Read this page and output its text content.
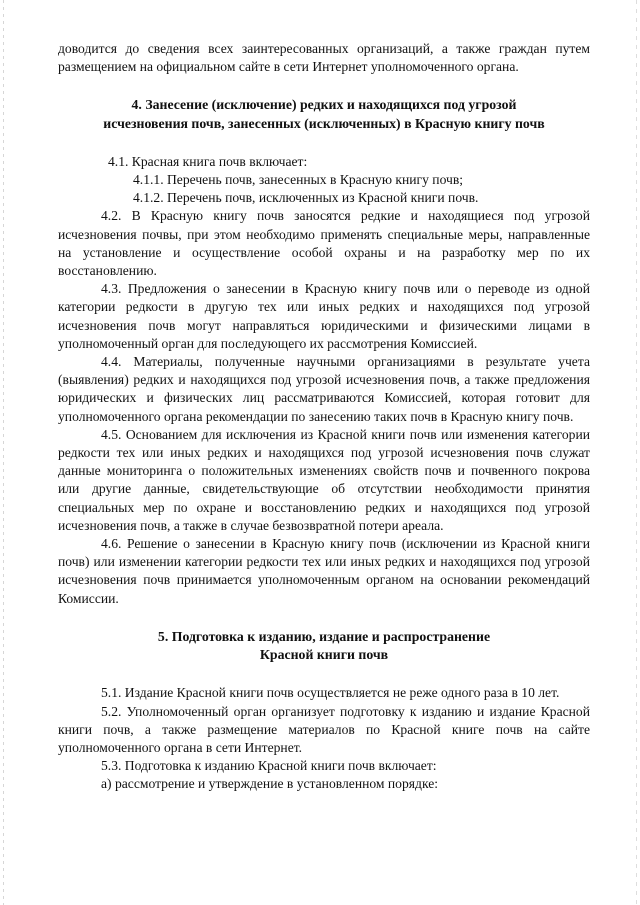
доводится до сведения всех заинтересованных организаций, а также граждан путем размещением на официальном сайте в сети Интернет уполномоченного органа.

4. Занесение (исключение) редких и находящихся под угрозой

исчезновения почв, занесенных (исключенных) в Красную книгу почв

4.1. Красная книга почв включает:

4.1.1. Перечень почв, занесенных в Красную книгу почв;

4.1.2. Перечень почв, исключенных из Красной книги почв.

4.2. В Красную книгу почв заносятся редкие и находящиеся под угрозой исчезновения почвы, при этом необходимо применять специальные меры, направленные на установление и осуществление особой охраны и на разработку мер по их восстановлению.

4.3. Предложения о занесении в Красную книгу почв или о переводе из одной категории редкости в другую тех или иных редких и находящихся под угрозой исчезновения почв могут направляться юридическими и физическими лицами в уполномоченный орган для последующего их рассмотрения Комиссией.

4.4. Материалы, полученные научными организациями в результате учета (выявления) редких и находящихся под угрозой исчезновения почв, а также предложения юридических и физических лиц рассматриваются Комиссией, которая готовит для уполномоченного органа рекомендации по занесению таких почв в Красную книгу почв.

4.5. Основанием для исключения из Красной книги почв или изменения категории редкости тех или иных редких и находящихся под угрозой исчезновения почв служат данные мониторинга о положительных изменениях свойств почв и почвенного покрова или другие данные, свидетельствующие об отсутствии необходимости принятия специальных мер по охране и восстановлению редких и находящихся под угрозой исчезновения почв, а также в случае безвозвратной потери ареала.

4.6. Решение о занесении в Красную книгу почв (исключении из Красной книги почв) или изменении категории редкости тех или иных редких и находящихся под угрозой исчезновения почв принимается уполномоченным органом на основании рекомендаций Комиссии.

5. Подготовка к изданию, издание и распространение

Красной книги почв

5.1. Издание Красной книги почв осуществляется не реже одного раза в 10 лет.

5.2. Уполномоченный орган организует подготовку к изданию и издание Красной книги почв, а также размещение материалов по Красной книге почв на сайте уполномоченного органа в сети Интернет.

5.3. Подготовка к изданию Красной книги почв включает:

а) рассмотрение и утверждение в установленном порядке:
